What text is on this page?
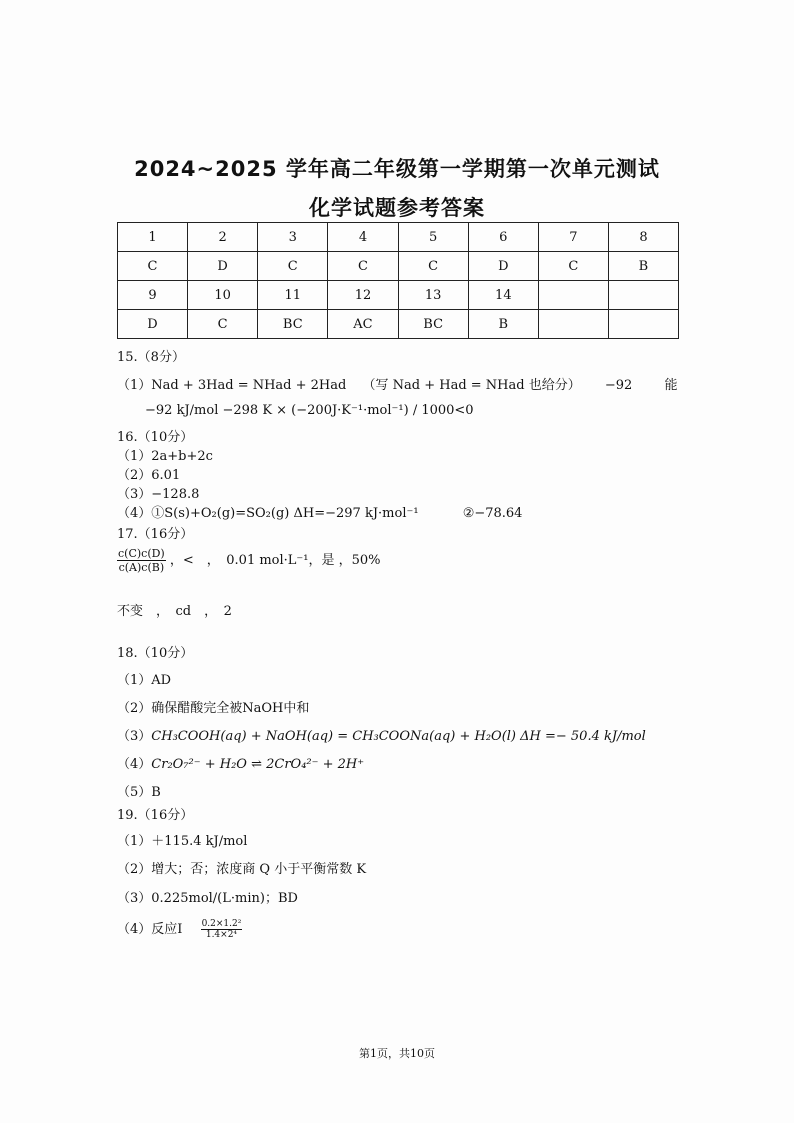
2024~2025 学年高二年级第一学期第一次单元测试
化学试题参考答案
1	2	3	4	5	6	7	8
C	D	C	C	C	D	C	B
9	10	11	12	13	14		
D	C	BC	AC	BC	B		
15.（8分）
（1）Nad + 3Had = NHad + 2Had （写 Nad + Had = NHad 也给分） −92 能
−92 kJ/mol −298 K × (−200J·K⁻¹·mol⁻¹) / 1000<0
16.（10分）
（1）2a+b+2c
（2）6.01
（3）−128.8
（4）①S(s)+O₂(g)=SO₂(g) ΔH=−297 kJ·mol⁻¹	②−78.64
17.（16分）
$\frac{c(C)c(D)}{c(A)c(B)}$ ，<　，　0.01 mol·L⁻¹，是 ，50%
不变　，　cd　，　2
18.（10分）
（1）AD
（2）确保醋酸完全被NaOH中和
（3）CH₃COOH(aq) + NaOH(aq) = CH₃COONa(aq) + H₂O(l) ΔH =− 50.4 kJ/mol
（4）Cr₂O₇²⁻ + H₂O ⇌ 2CrO₄²⁻ + 2H⁺
（5）B
19.（16分）
（1）＋115.4 kJ/mol
（2）增大；否；浓度商 Q 小于平衡常数 K
（3）0.225mol/(L·min)；BD
（4）反应I $\frac{\text{0.2×1.2²}}{\text{1.4×2⁴}}$
第1页，共10页
